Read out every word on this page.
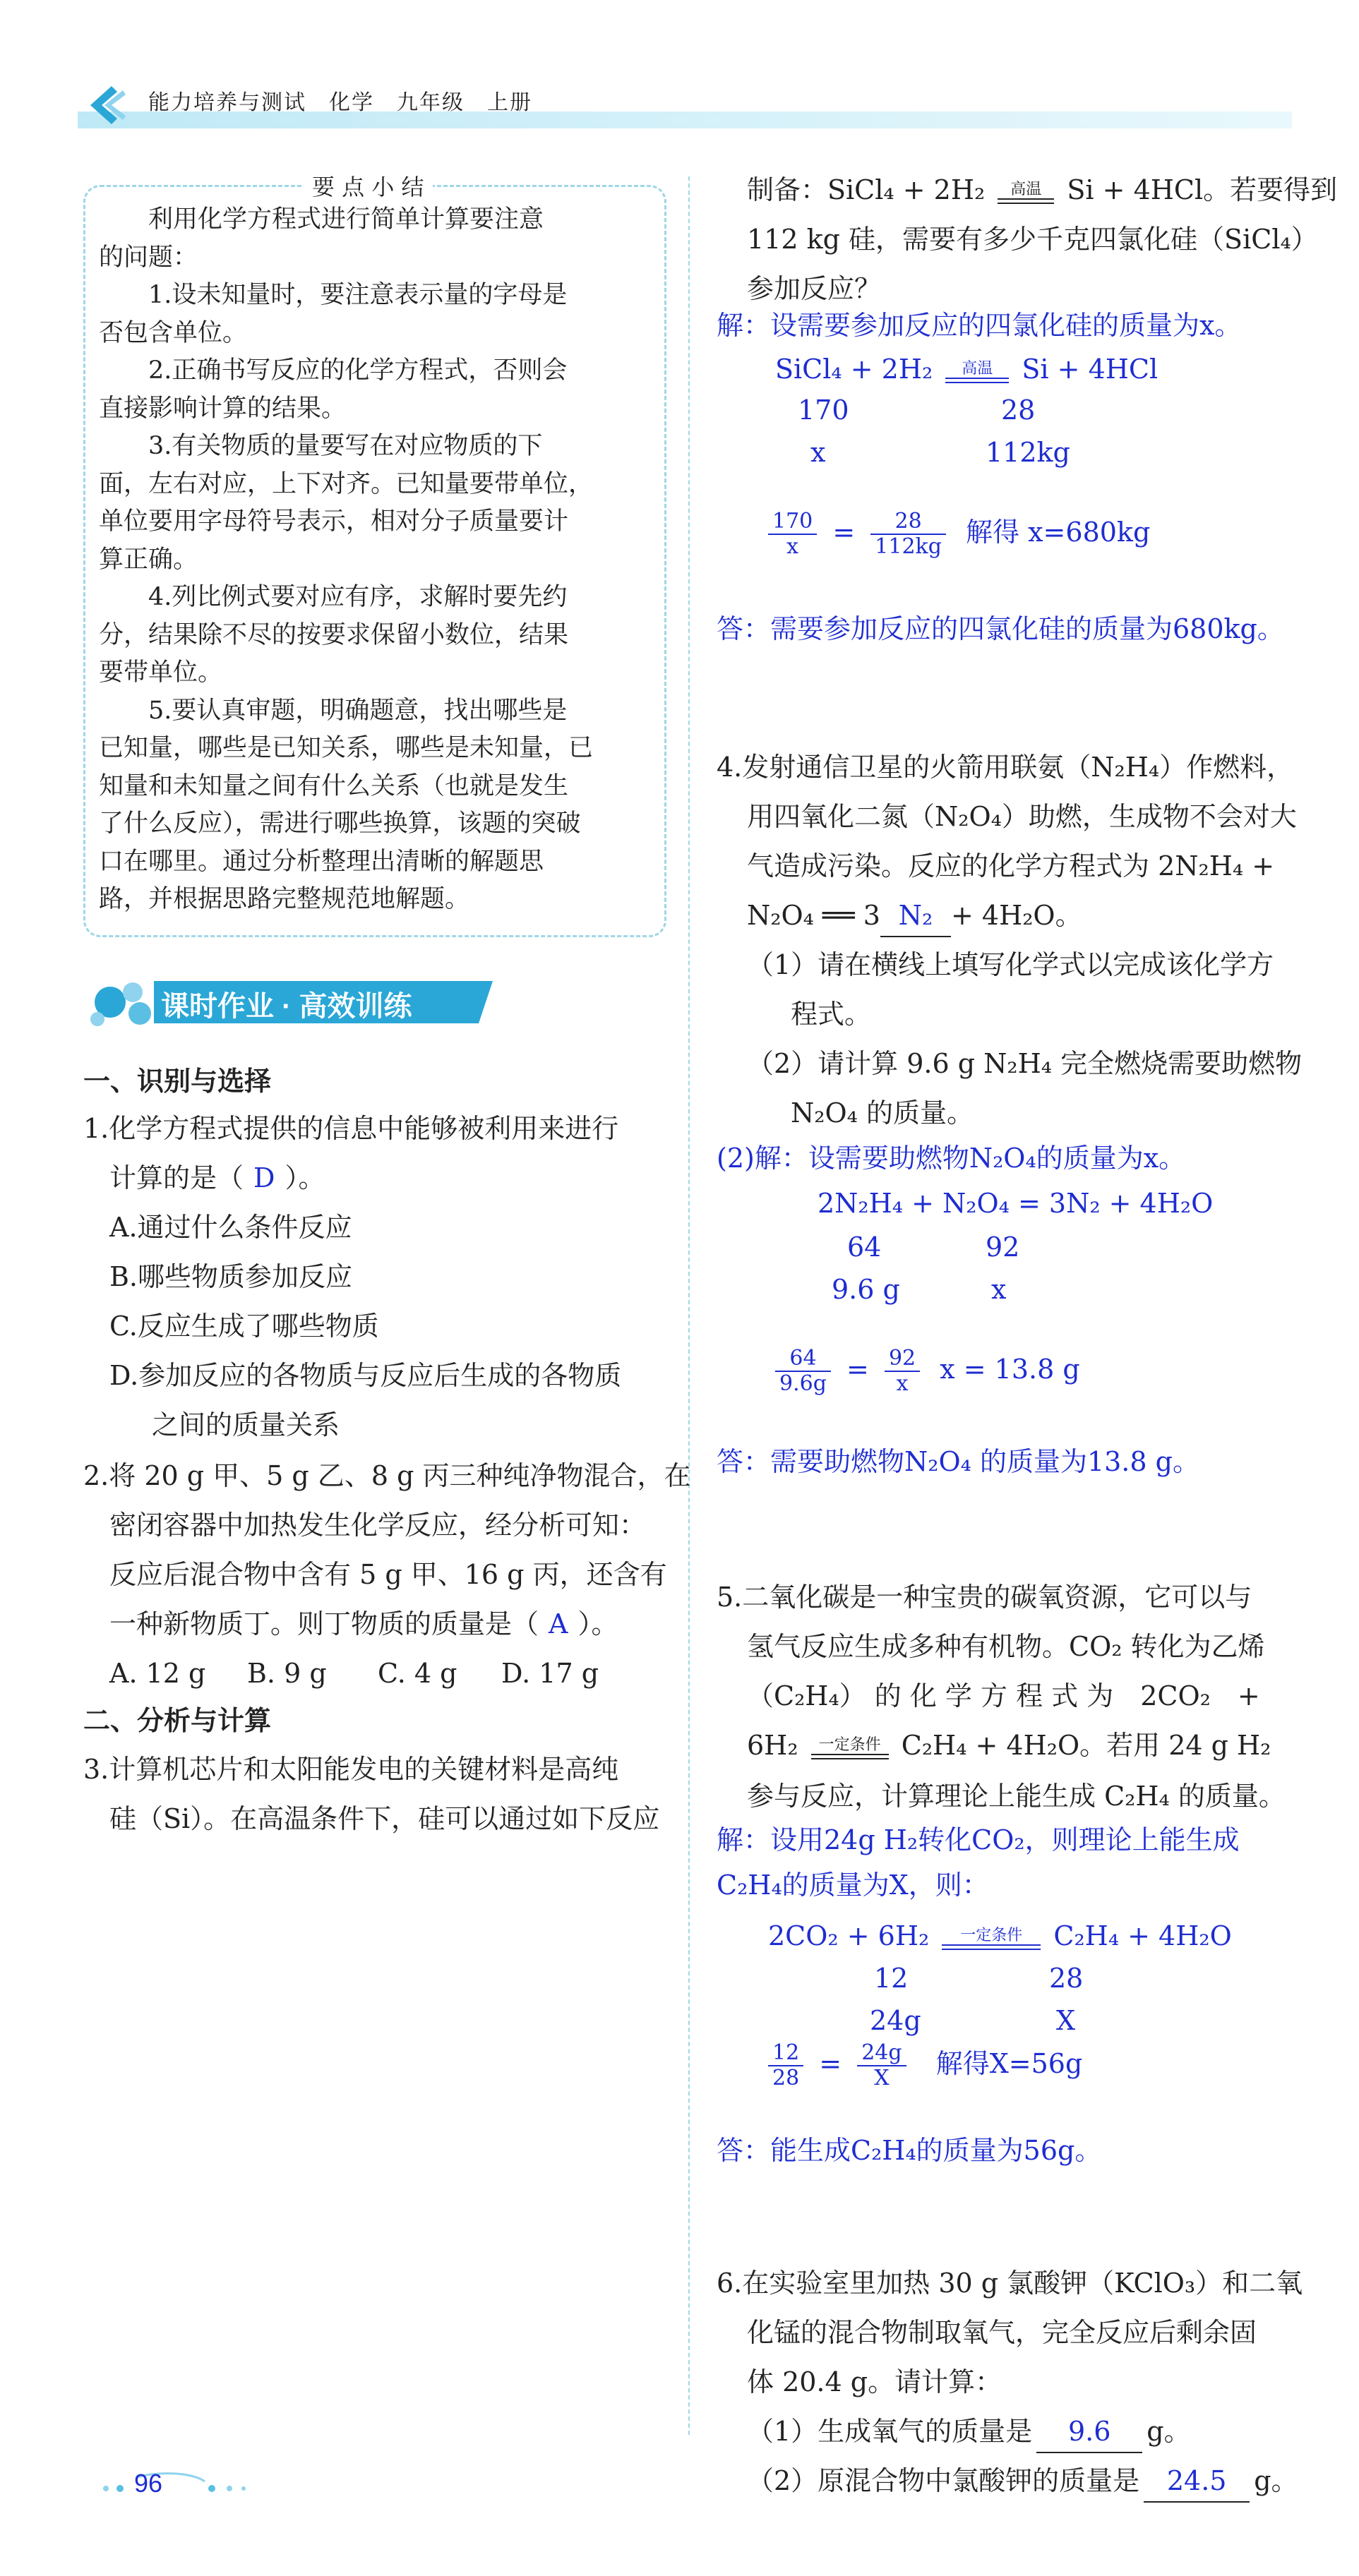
能力培养与测试　化学　九年级　上册
要 点 小 结
　　利用化学方程式进行简单计算要注意
的问题：
　　1.设未知量时，要注意表示量的字母是
否包含单位。
　　2.正确书写反应的化学方程式，否则会
直接影响计算的结果。
　　3.有关物质的量要写在对应物质的下
面，左右对应，上下对齐。已知量要带单位，
单位要用字母符号表示，相对分子质量要计
算正确。
　　4.列比例式要对应有序，求解时要先约
分，结果除不尽的按要求保留小数位，结果
要带单位。
　　5.要认真审题，明确题意，找出哪些是
已知量，哪些是已知关系，哪些是未知量，已
知量和未知量之间有什么关系（也就是发生
了什么反应），需进行哪些换算，该题的突破
口在哪里。通过分析整理出清晰的解题思
路，并根据思路完整规范地解题。
课时作业 · 高效训练
一、识别与选择
1.化学方程式提供的信息中能够被利用来进行
计算的是（ D ）。
A.通过什么条件反应
B.哪些物质参加反应
C.反应生成了哪些物质
D.参加反应的各物质与反应后生成的各物质
之间的质量关系
2.将 20 g 甲、5 g 乙、8 g 丙三种纯净物混合，在
密闭容器中加热发生化学反应，经分析可知：
反应后混合物中含有 5 g 甲、16 g 丙，还含有
一种新物质丁。则丁物质的质量是（ A ）。
A. 12 g B. 9 g C. 4 g D. 17 g
二、分析与计算
3.计算机芯片和太阳能发电的关键材料是高纯
硅（Si）。在高温条件下，硅可以通过如下反应
制备：SiCl₄ + 2H₂	高温 Si + 4HCl。若要得到
112 kg 硅，需要有多少千克四氯化硅（SiCl₄）
参加反应？
解：设需要参加反应的四氯化硅的质量为x。
SiCl₄ + 2H₂	高温	Si + 4HCl
170	28
x	112kg
$\frac{170}{x} = \frac{28}{112kg}$ 解得 x=680kg
答：需要参加反应的四氯化硅的质量为680kg。
4.发射通信卫星的火箭用联氨（N₂H₄）作燃料，
用四氧化二氮（N₂O₄）助燃，生成物不会对大
气造成污染。反应的化学方程式为 2N₂H₄ +
N₂O₄ ══ 3 N₂ + 4H₂O。
（1）请在横线上填写化学式以完成该化学方
程式。
（2）请计算 9.6 g N₂H₄ 完全燃烧需要助燃物
N₂O₄ 的质量。
(2)解：设需要助燃物N₂O₄的质量为x。
2N₂H₄ + N₂O₄ = 3N₂ + 4H₂O
64	92
9.6 g	x
$\frac{64}{9.6g} = \frac{92}{x}$ x = 13.8 g
答：需要助燃物N₂O₄ 的质量为13.8 g。
5.二氧化碳是一种宝贵的碳氧资源，它可以与
氢气反应生成多种有机物。CO₂ 转化为乙烯
（C₂H₄） 的 化 学 方 程 式 为　2CO₂　+
6H₂	一定条件 C₂H₄ + 4H₂O。若用 24 g H₂
参与反应，计算理论上能生成 C₂H₄ 的质量。
解：设用24g H₂转化CO₂，则理论上能生成
C₂H₄的质量为X，则：
2CO₂ + 6H₂	一定条件	C₂H₄ + 4H₂O
12	28
24g	X
$\frac{12}{28} = \frac{24g}{X}$ 解得X=56g
答：能生成C₂H₄的质量为56g。
6.在实验室里加热 30 g 氯酸钾（KClO₃）和二氧
化锰的混合物制取氧气，完全反应后剩余固
体 20.4 g。请计算：
（1）生成氧气的质量是 9.6 g。
（2）原混合物中氯酸钾的质量是 24.5 g。
96
